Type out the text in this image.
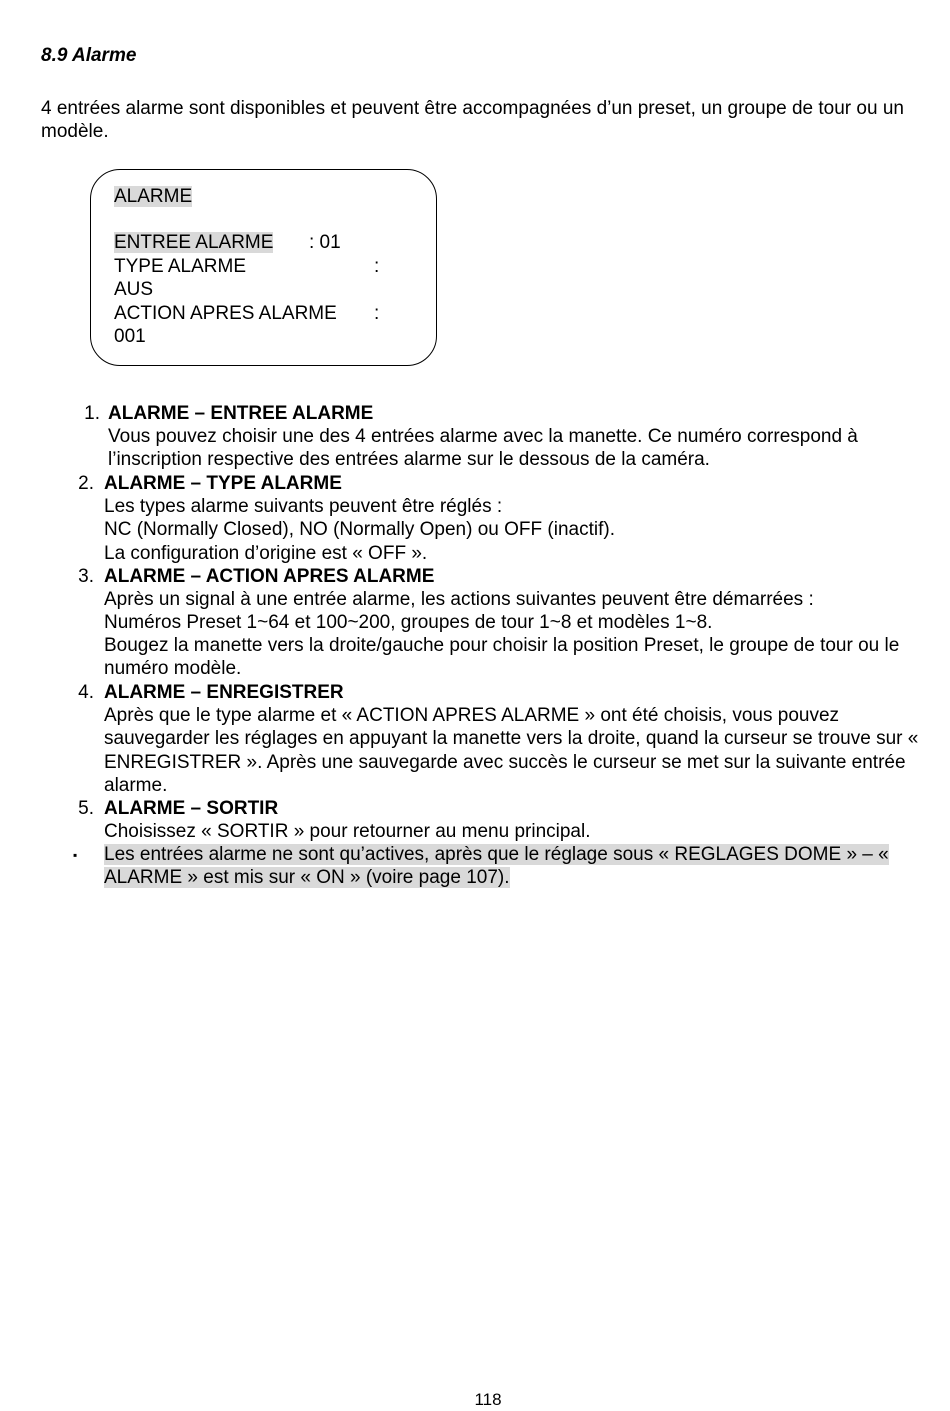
8.9 Alarme
4 entrées alarme sont disponibles et peuvent être accompagnées d’un preset, un groupe de tour ou un modèle.
ALARME
ENTREE ALARME : 01
TYPE ALARME	:
AUS
ACTION APRES ALARME :
001
1. ALARME – ENTREE ALARME
Vous pouvez choisir une des 4 entrées alarme avec la manette. Ce numéro correspond à l’inscription respective des entrées alarme sur le dessous de la caméra.
2. ALARME – TYPE ALARME
Les types alarme suivants peuvent être réglés :
NC (Normally Closed), NO (Normally Open) ou OFF (inactif).
La configuration d’origine est « OFF ».
3. ALARME – ACTION APRES ALARME
Après un signal à une entrée alarme, les actions suivantes peuvent être démarrées :
Numéros Preset 1~64 et 100~200, groupes de tour 1~8 et modèles 1~8.
Bougez la manette vers la droite/gauche pour choisir la position Preset, le groupe de tour ou le numéro modèle.
4. ALARME – ENREGISTRER
Après que le type alarme et « ACTION APRES ALARME » ont été choisis, vous pouvez sauvegarder les réglages en appuyant la manette vers la droite, quand la curseur se trouve sur « ENREGISTRER ». Après une sauvegarde avec succès le curseur se met sur la suivante entrée alarme.
5. ALARME – SORTIR
Choisissez « SORTIR » pour retourner au menu principal.
▪ Les entrées alarme ne sont qu’actives, après que le réglage sous « REGLAGES DOME » – « ALARME » est mis sur « ON » (voire page 107).
118
